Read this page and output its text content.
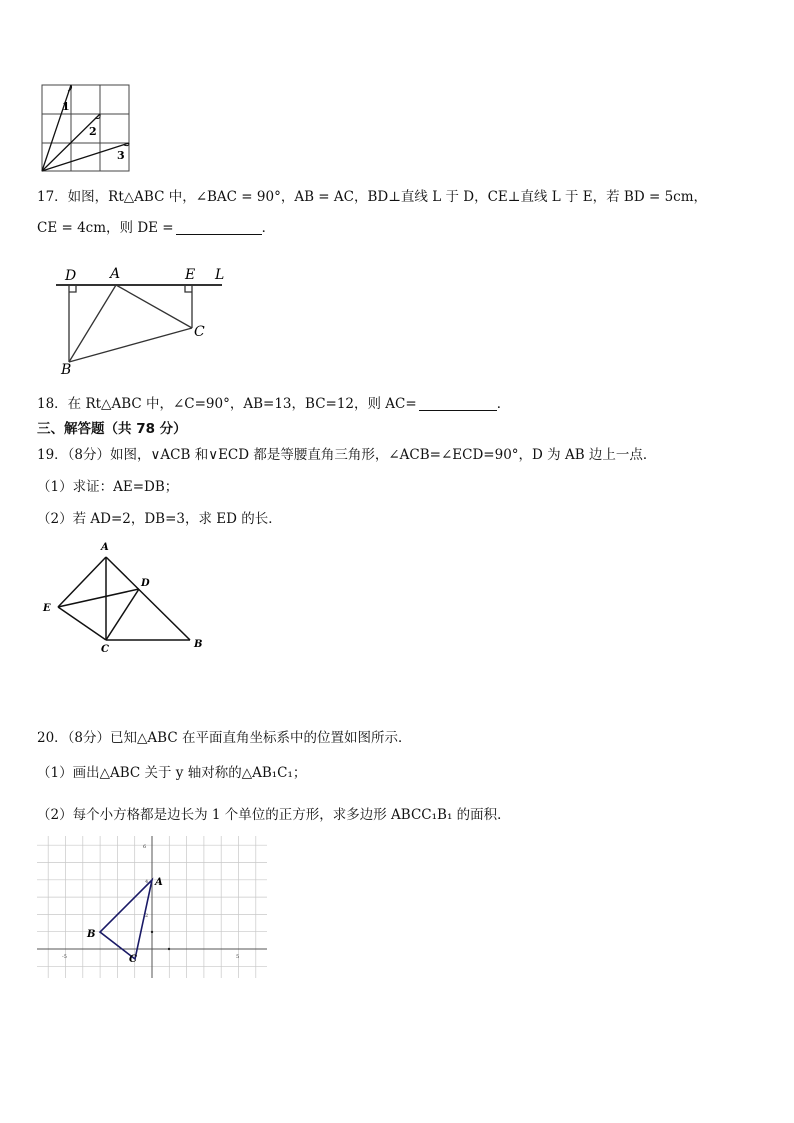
1
2
3
17．如图，Rt△ABC 中，∠BAC = 90°，AB = AC，BD⊥直线 L 于 D，CE⊥直线 L 于 E，若 BD = 5cm，
CE = 4cm，则 DE =	．
D A	E L
C
B
18．在 Rt△ABC 中，∠C=90°，AB=13，BC=12，则 AC=	．
三、解答题（共 78 分）
19．（8分）如图，∨ACB 和∨ECD 都是等腰直角三角形，∠ACB=∠ECD=90°，D 为 AB 边上一点．
（1）求证：AE=DB；
（2）若 AD=2，DB=3，求 ED 的长．
A
D
E
C	B
20．（8分）已知△ABC 在平面直角坐标系中的位置如图所示．
（1）画出△ABC 关于 y 轴对称的△AB₁C₁；
（2）每个小方格都是边长为 1 个单位的正方形，求多边形 ABCC₁B₁ 的面积．
6
4
2
-5	5
A
B
C
